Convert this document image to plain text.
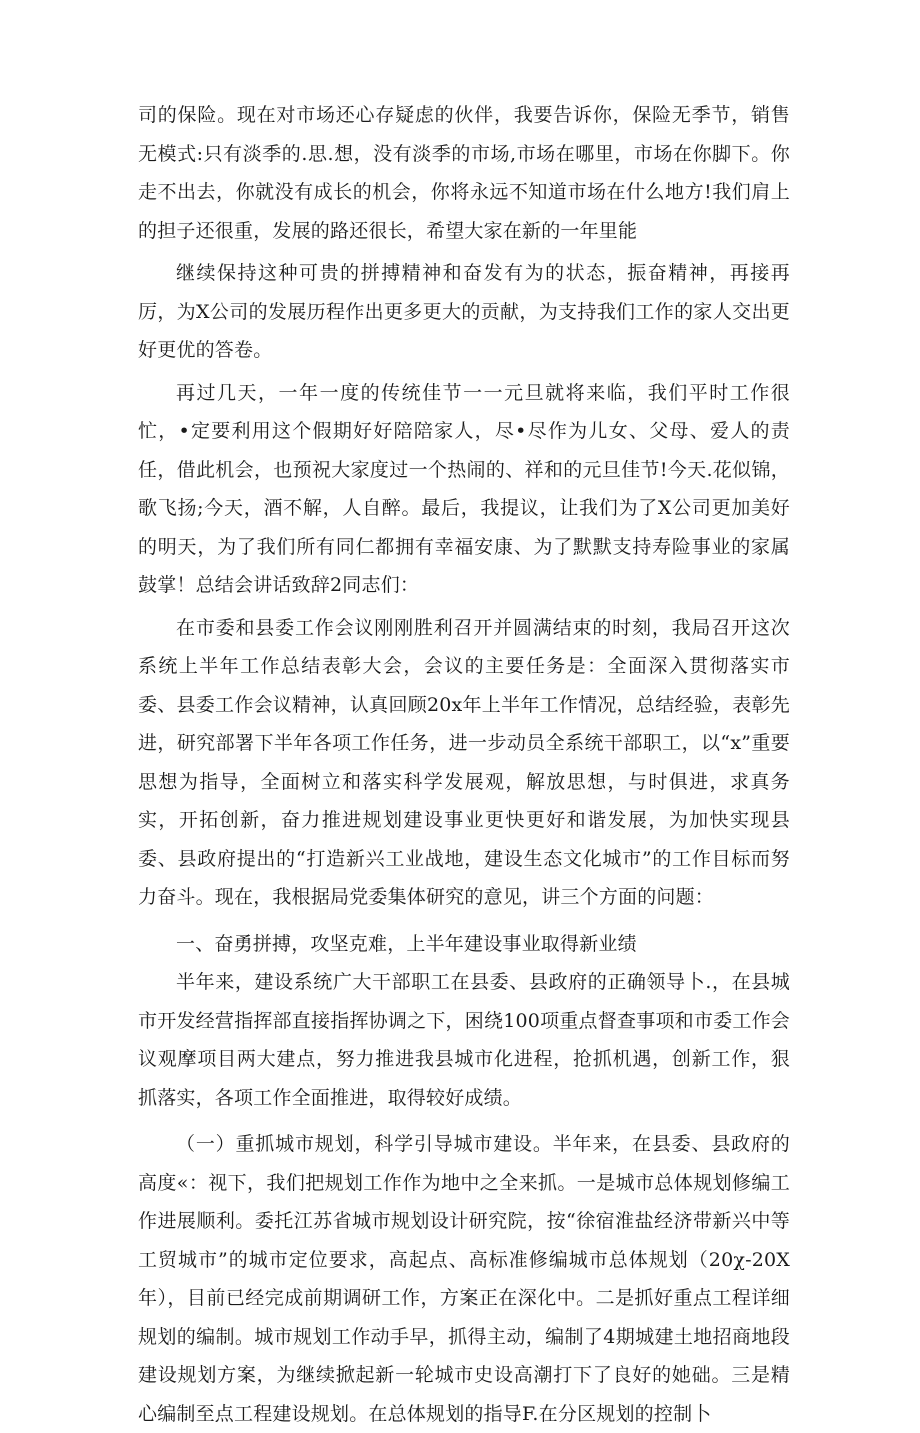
司的保险。现在对市场还心存疑虑的伙伴，我要告诉你，保险无季节，销售无模式:只有淡季的.思.想，没有淡季的市场,市场在哪里，市场在你脚下。你走不出去，你就没有成长的机会，你将永远不知道市场在什么地方!我们肩上的担子还很重，发展的路还很长，希望大家在新的一年里能

继续保持这种可贵的拼搏精神和奋发有为的状态，振奋精神，再接再厉，为X公司的发展历程作出更多更大的贡献，为支持我们工作的家人交出更好更优的答卷。

再过几天，一年一度的传统佳节一一元旦就将来临，我们平时工作很忙，•定要利用这个假期好好陪陪家人，尽•尽作为儿女、父母、爱人的责任，借此机会，也预祝大家度过一个热闹的、祥和的元旦佳节!今天.花似锦，歌飞扬;今天，酒不解，人自醉。最后，我提议，让我们为了X公司更加美好的明天，为了我们所有同仁都拥有幸福安康、为了默默支持寿险事业的家属鼓掌！总结会讲话致辞2同志们：

在市委和县委工作会议刚刚胜利召开并圆满结束的时刻，我局召开这次系统上半年工作总结表彰大会，会议的主要任务是：全面深入贯彻落实市委、县委工作会议精神，认真回顾20x年上半年工作情况，总结经验，表彰先进，研究部署下半年各项工作任务，进一步动员全系统干部职工，以“x”重要思想为指导，全面树立和落实科学发展观，解放思想，与时俱进，求真务实，开拓创新，奋力推进规划建设事业更快更好和谐发展，为加快实现县委、县政府提出的“打造新兴工业战地，建设生态文化城市”的工作目标而努力奋斗。现在，我根据局党委集体研究的意见，讲三个方面的问题：

一、奋勇拼搏，攻坚克难，上半年建设事业取得新业绩

半年来，建设系统广大干部职工在县委、县政府的正确领导卜.，在县城市开发经营指挥部直接指挥协调之下，困绕100项重点督查事项和市委工作会议观摩项目两大建点，努力推进我县城市化进程，抢抓机遇，创新工作，狠抓落实，各项工作全面推进，取得较好成绩。

（一）重抓城市规划，科学引导城市建设。半年来，在县委、县政府的高度«：视下，我们把规划工作作为地中之全来抓。一是城市总体规划修编工作进展顺利。委托江苏省城市规划设计研究院，按“徐宿淮盐经济带新兴中等工贸城市”的城市定位要求，高起点、高标准修编城市总体规划（20χ-20X年），目前已经完成前期调研工作，方案正在深化中。二是抓好重点工程详细规划的编制。城市规划工作动手早，抓得主动，编制了4期城建土地招商地段建设规划方案，为继续掀起新一轮城市史设高潮打下了良好的她础。三是精心编制至点工程建设规划。在总体规划的指导F.在分区规划的控制卜
